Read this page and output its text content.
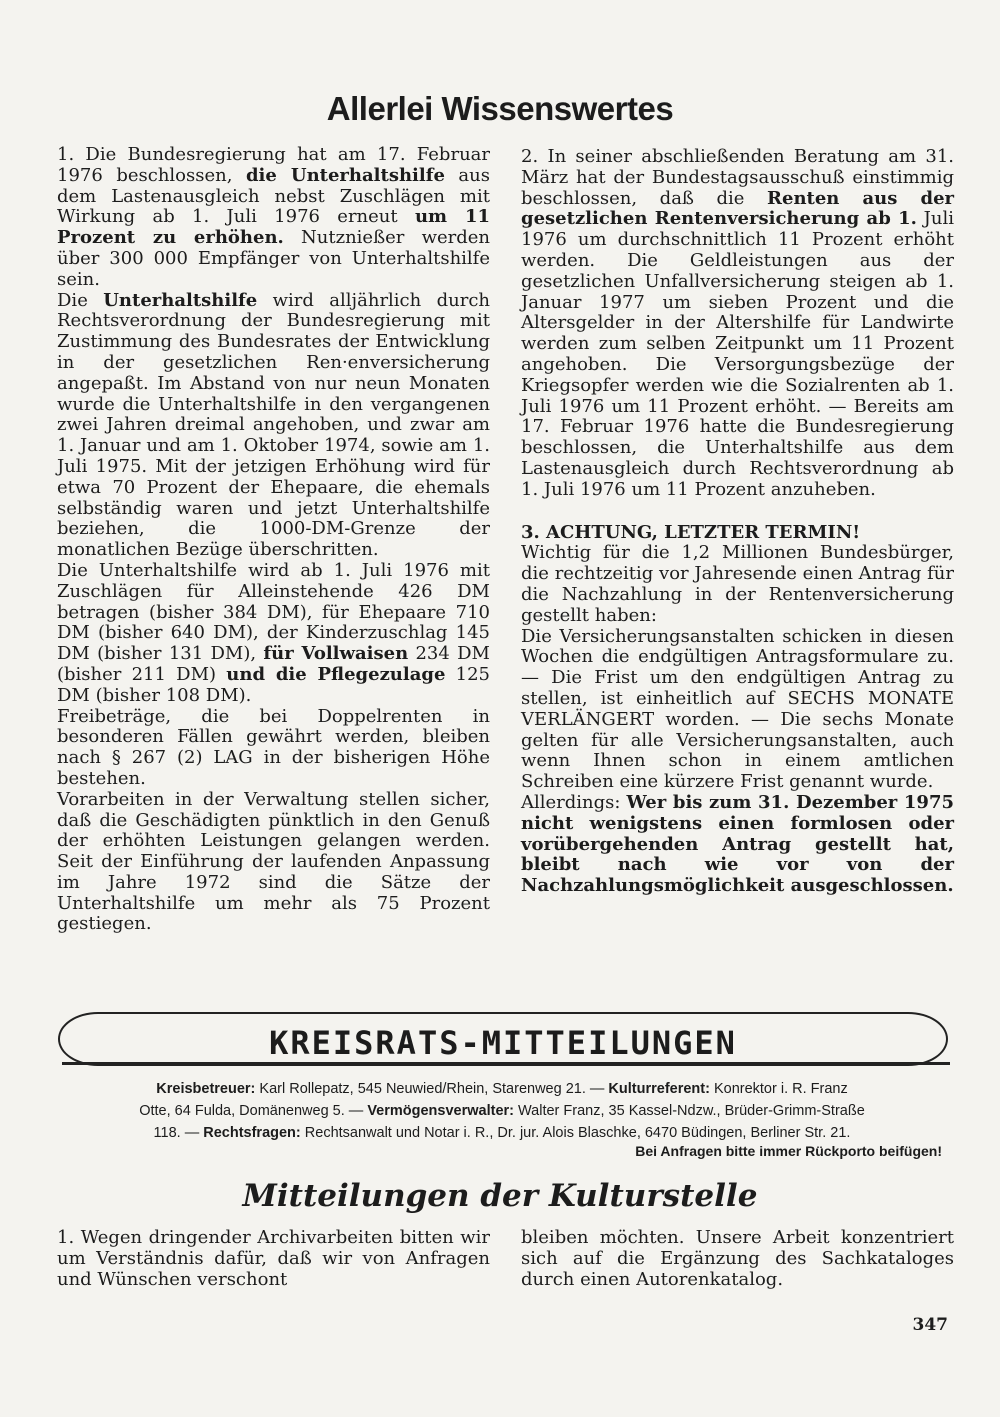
Allerlei Wissenswertes

1. Die Bundesregierung hat am 17. Februar 1976 beschlossen, die Unterhaltshilfe aus dem Lastenausgleich nebst Zuschlägen mit Wirkung ab 1. Juli 1976 erneut um 11 Prozent zu erhöhen. Nutznießer werden über 300 000 Empfänger von Unterhaltshilfe sein.

Die Unterhaltshilfe wird alljährlich durch Rechtsverordnung der Bundesregierung mit Zustimmung des Bundesrates der Entwicklung in der gesetzlichen Ren·enversicherung angepaßt. Im Abstand von nur neun Monaten wurde die Unterhaltshilfe in den vergangenen zwei Jahren dreimal angehoben, und zwar am 1. Januar und am 1. Oktober 1974, sowie am 1. Juli 1975. Mit der jetzigen Erhöhung wird für etwa 70 Prozent der Ehepaare, die ehemals selbständig waren und jetzt Unterhaltshilfe beziehen, die 1000-DM-Grenze der monatlichen Bezüge überschritten.

Die Unterhaltshilfe wird ab 1. Juli 1976 mit Zuschlägen für Alleinstehende 426 DM betragen (bisher 384 DM), für Ehepaare 710 DM (bisher 640 DM), der Kinderzuschlag 145 DM (bisher 131 DM), für Vollwaisen 234 DM (bisher 211 DM) und die Pflegezulage 125 DM (bisher 108 DM).

Freibeträge, die bei Doppelrenten in besonderen Fällen gewährt werden, bleiben nach § 267 (2) LAG in der bisherigen Höhe bestehen.

Vorarbeiten in der Verwaltung stellen sicher, daß die Geschädigten pünktlich in den Genuß der erhöhten Leistungen gelangen werden. Seit der Einführung der laufenden Anpassung im Jahre 1972 sind die Sätze der Unterhaltshilfe um mehr als 75 Prozent gestiegen.

2. In seiner abschließenden Beratung am 31. März hat der Bundestagsausschuß einstimmig beschlossen, daß die Renten aus der gesetzlichen Rentenversicherung ab 1. Juli 1976 um durchschnittlich 11 Prozent erhöht werden. Die Geldleistungen aus der gesetzlichen Unfallversicherung steigen ab 1. Januar 1977 um sieben Prozent und die Altersgelder in der Altershilfe für Landwirte werden zum selben Zeitpunkt um 11 Prozent angehoben. Die Versorgungsbezüge der Kriegsopfer werden wie die Sozialrenten ab 1. Juli 1976 um 11 Prozent erhöht. — Bereits am 17. Februar 1976 hatte die Bundesregierung beschlossen, die Unterhaltshilfe aus dem Lastenausgleich durch Rechtsverordnung ab 1. Juli 1976 um 11 Prozent anzuheben.

3. ACHTUNG, LETZTER TERMIN!

Wichtig für die 1,2 Millionen Bundesbürger, die rechtzeitig vor Jahresende einen Antrag für die Nachzahlung in der Rentenversicherung gestellt haben:

Die Versicherungsanstalten schicken in diesen Wochen die endgültigen Antragsformulare zu. — Die Frist um den endgültigen Antrag zu stellen, ist einheitlich auf SECHS MONATE VERLÄNGERT worden. — Die sechs Monate gelten für alle Versicherungsanstalten, auch wenn Ihnen schon in einem amtlichen Schreiben eine kürzere Frist genannt wurde.

Allerdings: Wer bis zum 31. Dezember 1975 nicht wenigstens einen formlosen oder vorübergehenden Antrag gestellt hat, bleibt nach wie vor von der Nachzahlungsmöglichkeit ausgeschlossen.

KREISRATS-MITTEILUNGEN

Kreisbetreuer: Karl Rollepatz, 545 Neuwied/Rhein, Starenweg 21. — Kulturreferent: Konrektor i. R. Franz

Otte, 64 Fulda, Domänenweg 5. — Vermögensverwalter: Walter Franz, 35 Kassel-Ndzw., Brüder-Grimm-Straße

118. — Rechtsfragen: Rechtsanwalt und Notar i. R., Dr. jur. Alois Blaschke, 6470 Büdingen, Berliner Str. 21.

Bei Anfragen bitte immer Rückporto beifügen!
Mitteilungen der Kulturstelle

1. Wegen dringender Archivarbeiten bitten wir um Verständnis dafür, daß wir von Anfragen und Wünschen verschont

bleiben möchten. Unsere Arbeit konzentriert sich auf die Ergänzung des Sachkataloges durch einen Autorenkatalog.

347
